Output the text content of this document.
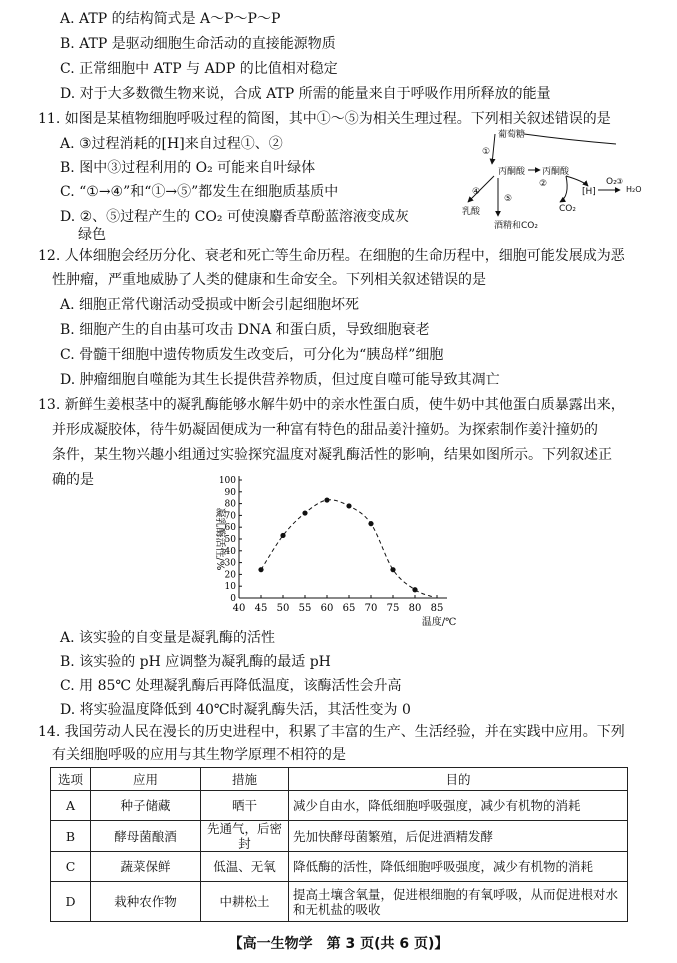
A. ATP 的结构简式是 A～P～P～P
B. ATP 是驱动细胞生命活动的直接能源物质
C. 正常细胞中 ATP 与 ADP 的比值相对稳定
D. 对于大多数微生物来说，合成 ATP 所需的能量来自于呼吸作用所释放的能量
11. 如图是某植物细胞呼吸过程的简图，其中①～⑤为相关生理过程。下列相关叙述错误的是
A. ③过程消耗的[H]来自过程①、②
B. 图中③过程利用的 O₂ 可能来自叶绿体
C. “①→④”和“①→⑤”都发生在细胞质基质中
D. ②、⑤过程产生的 CO₂ 可使溴麝香草酚蓝溶液变成灰
绿色
葡萄糖
①
丙酮酸 丙酮酸
②
④
⑤
乳酸
酒精和CO₂
[H]
CO₂
O₂ ③
H₂O
12. 人体细胞会经历分化、衰老和死亡等生命历程。在细胞的生命历程中，细胞可能发展成为恶
性肿瘤，严重地威胁了人类的健康和生命安全。下列相关叙述错误的是
A. 细胞正常代谢活动受损或中断会引起细胞坏死
B. 细胞产生的自由基可攻击 DNA 和蛋白质，导致细胞衰老
C. 骨髓干细胞中遗传物质发生改变后，可分化为“胰岛样”细胞
D. 肿瘤细胞自噬能为其生长提供营养物质，但过度自噬可能导致其凋亡
13. 新鲜生姜根茎中的凝乳酶能够水解牛奶中的亲水性蛋白质，使牛奶中其他蛋白质暴露出来，
并形成凝胶体，待牛奶凝固便成为一种富有特色的甜品姜汁撞奶。为探索制作姜汁撞奶的
条件，某生物兴趣小组通过实验探究温度对凝乳酶活性的影响，结果如图所示。下列叙述正
确的是
0
10
20
30
40
50
60
70
80
90
100
40 45 50 55 60 65 70 75 80 85
温度/℃
凝乳酶活性/%
A. 该实验的自变量是凝乳酶的活性
B. 该实验的 pH 应调整为凝乳酶的最适 pH
C. 用 85℃ 处理凝乳酶后再降低温度，该酶活性会升高
D. 将实验温度降低到 40℃时凝乳酶失活，其活性变为 0
14. 我国劳动人民在漫长的历史进程中，积累了丰富的生产、生活经验，并在实践中应用。下列
有关细胞呼吸的应用与其生物学原理不相符的是
选项	应用	措施	目的
A	种子储藏	晒干	减少自由水，降低细胞呼吸强度，减少有机物的消耗
B	酵母菌酿酒	先通气，后密封	先加快酵母菌繁殖，后促进酒精发酵
C	蔬菜保鲜	低温、无氧	降低酶的活性，降低细胞呼吸强度，减少有机物的消耗
D	栽种农作物	中耕松土	提高土壤含氧量，促进根细胞的有氧呼吸，从而促进根对水和无机盐的吸收
【高一生物学　第 3 页(共 6 页)】
